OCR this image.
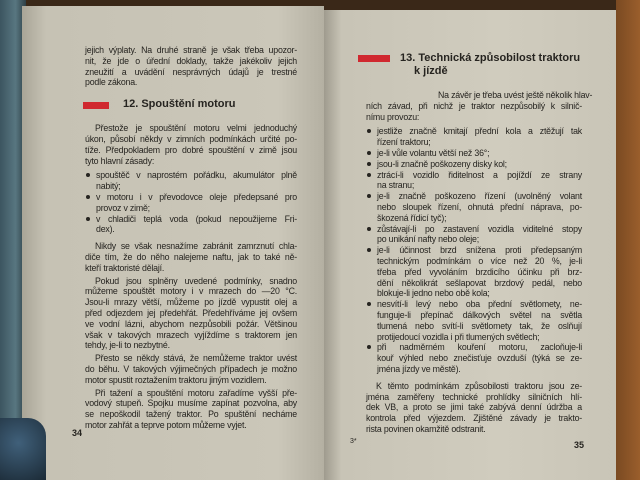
jejich výplaty. Na druhé straně je však třeba upozor-
nit, že jde o úřední doklady, takže jakékoliv jejich
zneužití a uvádění nesprávných údajů je trestné
podle zákona.
12. Spouštění motoru
Přestože je spouštění motoru velmi jednoduchý
úkon, působí někdy v zimních podmínkách určité po-
tíže. Předpokladem pro dobré spouštění v zimě jsou
tyto hlavní zásady:
spouštěč v naprostém pořádku, akumulátor plně
nabitý;
v motoru i v převodovce oleje předepsané pro
provoz v zimě;
v chladiči teplá voda (pokud nepoužijeme Fri-
dex).
Nikdy se však nesnažíme zabránit zamrznutí chla-
diče tím, že do něho nalejeme naftu, jak to také ně-
kteří traktoristé dělají.
Pokud jsou splněny uvedené podmínky, snadno
můžeme spouštět motory i v mrazech do —20 °C.
Jsou-li mrazy větší, můžeme po jízdě vypustit olej a
před odjezdem jej předehřát. Předehříváme jej ovšem
ve vodní lázni, abychom nezpůsobili požár. Většinou
však v takových mrazech vyjíždíme s traktorem jen
tehdy, je-li to nezbytné.
Přesto se někdy stává, že nemůžeme traktor uvést
do běhu. V takových výjimečných případech je možno
motor spustit roztažením traktoru jiným vozidlem.
Při tažení a spouštění motoru zařadíme vyšší pře-
vodový stupeň. Spojku musíme zapínat pozvolna, aby
se nepoškodil tažený traktor. Po spuštění necháme
motor zahřát a teprve potom můžeme vyjet.
34
13. Technická způsobilost traktoru
k jízdě
Na závěr je třeba uvést ještě několik hlav-
ních závad, při nichž je traktor nezpůsobilý k silnič-
nímu provozu:
jestliže značně kmitají přední kola a ztěžují tak
řízení traktoru;
je-li vůle volantu větší než 36°;
jsou-li značně poškozeny disky kol;
ztrácí-li vozidlo řiditelnost a pojíždí ze strany
na stranu;
je-li značně poškozeno řízení (uvolněný volant
nebo sloupek řízení, ohnutá přední náprava, po-
škozená řídicí tyč);
zůstávají-li po zastavení vozidla viditelné stopy
po unikání nafty nebo oleje;
je-li účinnost brzd snížena proti předepsaným
technickým podmínkám o více než 20 %, je-li
třeba před vyvoláním brzdicího účinku při brz-
dění několikrát sešlapovat brzdový pedál, nebo
blokuje-li jedno nebo obě kola;
nesvítí-li levý nebo oba přední světlomety, ne-
funguje-li přepínač dálkových světel na světla
tlumená nebo svítí-li světlomety tak, že oslňují
protijedoucí vozidla i při tlumených světlech;
při nadměrném kouření motoru, zacloňuje-li
kouř výhled nebo znečisťuje ovzduší (týká se ze-
jména jízdy ve městě).
K těmto podmínkám způsobilosti traktoru jsou ze-
jména zaměřeny technické prohlídky silničních hlí-
dek VB, a proto se jimi také zabývá denní údržba a
kontrola před výjezdem. Zjištěné závady je trakto-
rista povinen okamžitě odstranit.
3*	35
